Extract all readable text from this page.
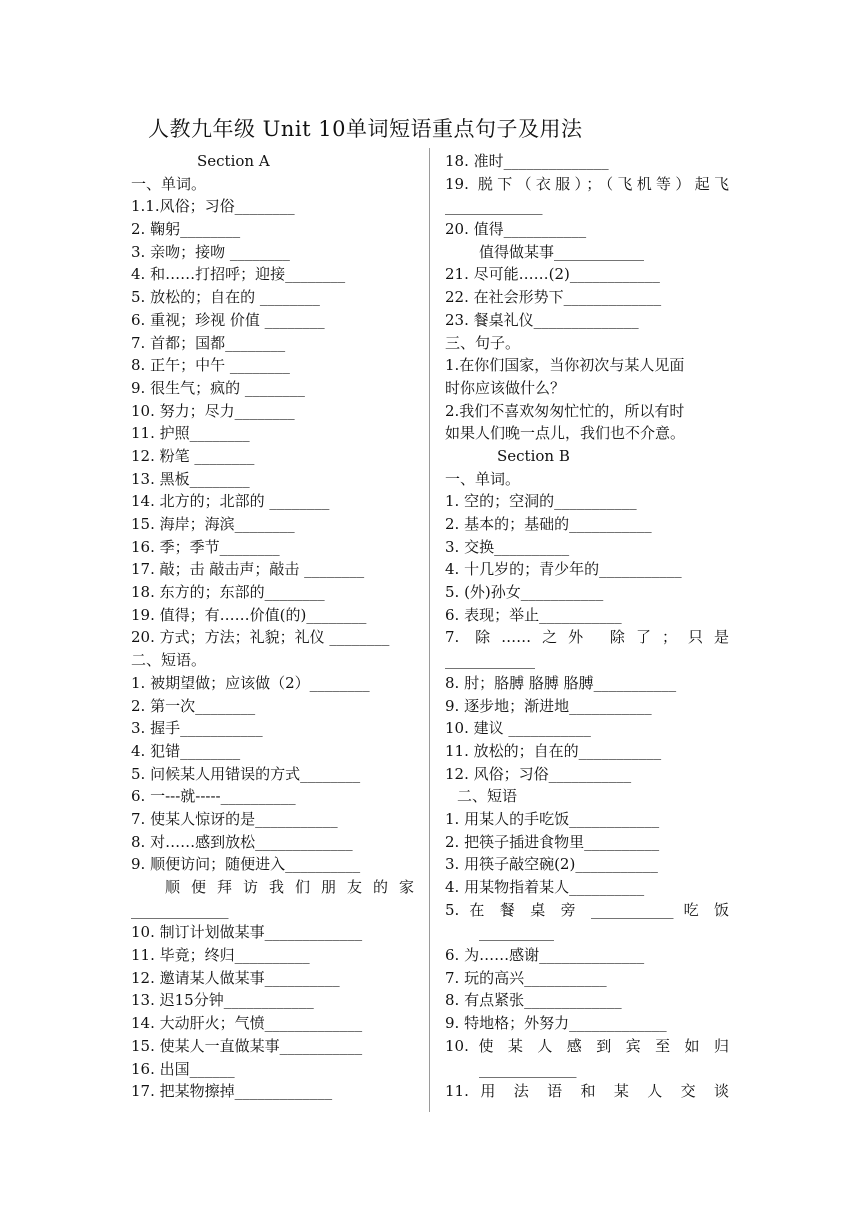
人教九年级 Unit 10单词短语重点句子及用法
Section A
一、单词。
1.1.风俗；习俗________
2. 鞠躬________
3. 亲吻；接吻 ________
4. 和……打招呼；迎接________
5. 放松的；自在的 ________
6. 重视；珍视 价值 ________
7. 首都；国都________
8. 正午；中午 ________
9. 很生气；疯的 ________
10. 努力；尽力________
11. 护照________
12. 粉笔 ________
13. 黑板________
14. 北方的；北部的 ________
15. 海岸；海滨________
16. 季；季节________
17. 敲；击 敲击声；敲击 ________
18. 东方的；东部的________
19. 值得；有……价值(的)________
20. 方式；方法；礼貌；礼仪 ________
二、短语。
1. 被期望做；应该做（2）________
2. 第一次________
3. 握手___________
4. 犯错________
5. 问候某人用错误的方式________
6. 一---就-----__________
7. 使某人惊讶的是___________
8. 对……感到放松_____________
9. 顺便访问；随便进入__________
顺便拜访我们朋友的家
_____________
10. 制订计划做某事_____________
11. 毕竟；终归__________
12. 邀请某人做某事__________
13. 迟15分钟____________
14. 大动肝火；气愤_____________
15. 使某人一直做某事___________
16. 出国______
17. 把某物擦掉_____________
18. 准时______________
19. 脱下（衣服）；（飞机等）起飞
_____________
20. 值得___________
值得做某事____________
21. 尽可能……(2)____________
22. 在社会形势下_____________
23. 餐桌礼仪______________
三、句子。
1.在你们国家，当你初次与某人见面
时你应该做什么？
2.我们不喜欢匆匆忙忙的，所以有时
如果人们晚一点儿，我们也不介意。
Section B
一、单词。
1. 空的；空洞的___________
2. 基本的；基础的___________
3. 交换__________
4. 十几岁的；青少年的___________
5. (外)孙女___________
6. 表现；举止___________
7. 除……之外 除了；只是
____________
8. 肘；胳膊 胳膊 胳膊___________
9. 逐步地；渐进地___________
10. 建议 ___________
11. 放松的；自在的___________
12. 风俗；习俗___________
二、短语
1. 用某人的手吃饭____________
2. 把筷子插进食物里__________
3. 用筷子敲空碗(2)___________
4. 用某物指着某人__________
5. 在 餐 桌 旁 ___________ 吃 饭
__________
6. 为……感谢______________
7. 玩的高兴___________
8. 有点紧张_____________
9. 特地格；外努力_____________
10. 使 某 人 感 到 宾 至 如 归
_____________
11. 用 法 语 和 某 人 交 谈
